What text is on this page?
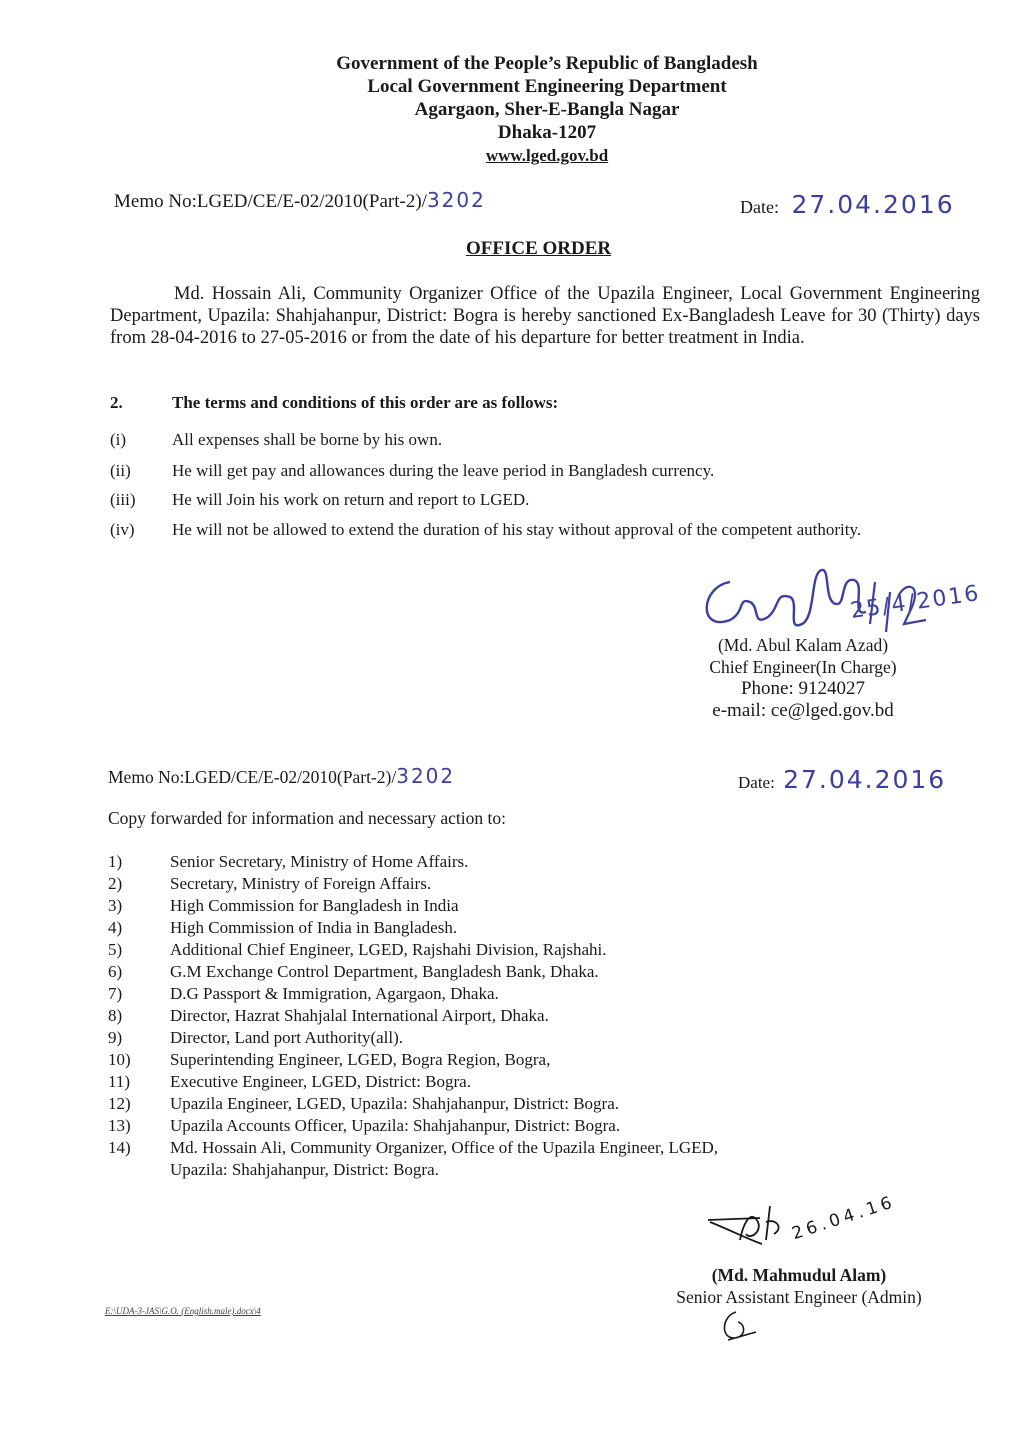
Government of the People’s Republic of Bangladesh
Local Government Engineering Department
Agargaon, Sher-E-Bangla Nagar
Dhaka-1207
www.lged.gov.bd
Memo No:LGED/CE/E-02/2010(Part-2)/3202	Date: 27.04.2016
OFFICE ORDER
Md. Hossain Ali, Community Organizer Office of the Upazila Engineer, Local Government Engineering Department, Upazila: Shahjahanpur, District: Bogra is hereby sanctioned Ex-Bangladesh Leave for 30 (Thirty) days from 28-04-2016 to 27-05-2016 or from the date of his departure for better treatment in India.
2.	The terms and conditions of this order are as follows:
(i)	All expenses shall be borne by his own.
(ii) He will get pay and allowances during the leave period in Bangladesh currency.
(iii) He will Join his work on return and report to LGED.
(iv) He will not be allowed to extend the duration of his stay without approval of the competent authority.
25/4/2016
(Md. Abul Kalam Azad)
Chief Engineer(In Charge)
Phone: 9124027
e-mail: ce@lged.gov.bd
Memo No:LGED/CE/E-02/2010(Part-2)/3202	Date: 27.04.2016
Copy forwarded for information and necessary action to:
1)	Senior Secretary, Ministry of Home Affairs.
2)	Secretary, Ministry of Foreign Affairs.
3)	High Commission for Bangladesh in India
4)	High Commission of India in Bangladesh.
5)	Additional Chief Engineer, LGED, Rajshahi Division, Rajshahi.
6)	G.M Exchange Control Department, Bangladesh Bank, Dhaka.
7)	D.G Passport & Immigration, Agargaon, Dhaka.
8)	Director, Hazrat Shahjalal International Airport, Dhaka.
9)	Director, Land port Authority(all).
10) Superintending Engineer, LGED, Bogra Region, Bogra,
11) Executive Engineer, LGED, District: Bogra.
12) Upazila Engineer, LGED, Upazila: Shahjahanpur, District: Bogra.
13) Upazila Accounts Officer, Upazila: Shahjahanpur, District: Bogra.
14) Md. Hossain Ali, Community Organizer, Office of the Upazila Engineer, LGED,
Upazila: Shahjahanpur, District: Bogra.
26.04.16
(Md. Mahmudul Alam)
Senior Assistant Engineer (Admin)
E:\UDA-3-JAS\G.O. (English.male).docx\4
